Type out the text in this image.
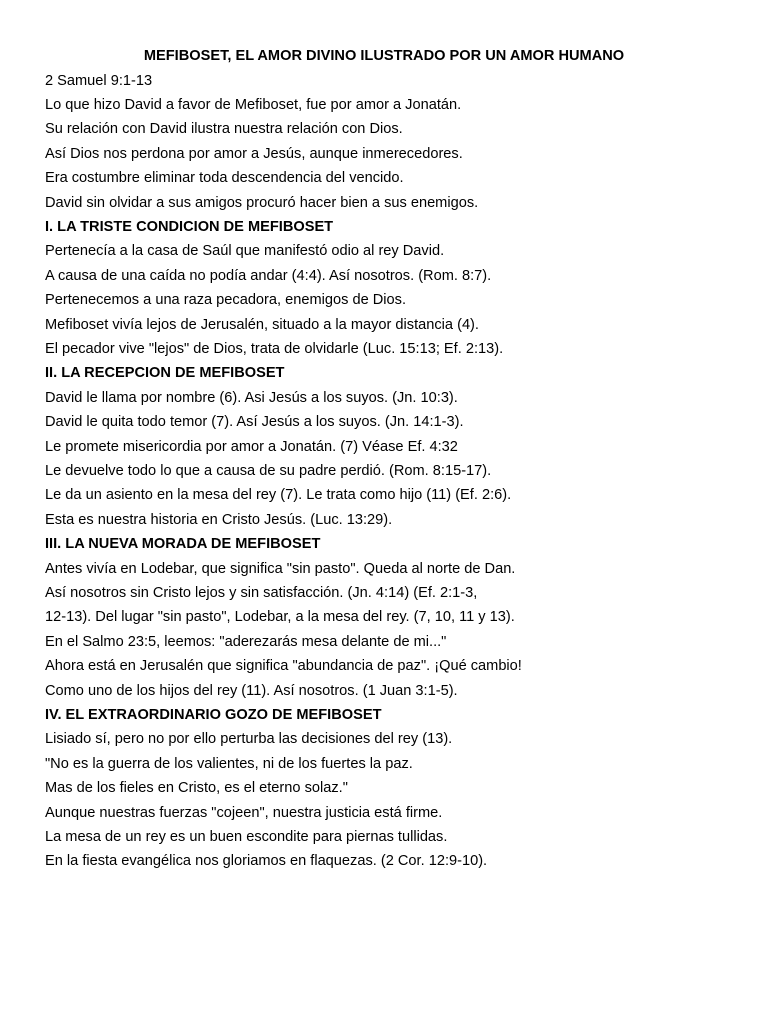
MEFIBOSET, EL AMOR DIVINO ILUSTRADO POR UN AMOR HUMANO
2 Samuel 9:1-13
Lo que hizo David a favor de Mefiboset, fue por amor a Jonatán.
Su relación con David ilustra nuestra relación con Dios.
Así Dios nos perdona por amor a Jesús, aunque inmerecedores.
Era costumbre eliminar toda descendencia del vencido.
David sin olvidar a sus amigos procuró hacer bien a sus enemigos.
I. LA TRISTE CONDICION DE MEFIBOSET
Pertenecía a la casa de Saúl que manifestó odio al rey David.
A causa de una caída no podía andar (4:4). Así nosotros. (Rom. 8:7).
Pertenecemos a una raza pecadora, enemigos de Dios.
Mefiboset vivía lejos de Jerusalén, situado a la mayor distancia (4).
El pecador vive "lejos" de Dios, trata de olvidarle (Luc. 15:13; Ef. 2:13).
II. LA RECEPCION DE MEFIBOSET
David le llama por nombre (6). Asi Jesús a los suyos. (Jn. 10:3).
David le quita todo temor (7). Así Jesús a los suyos. (Jn. 14:1-3).
Le promete misericordia por amor a Jonatán. (7) Véase Ef. 4:32
Le devuelve todo lo que a causa de su padre perdió. (Rom. 8:15-17).
Le da un asiento en la mesa del rey (7). Le trata como hijo (11) (Ef. 2:6).
Esta es nuestra historia en Cristo Jesús. (Luc. 13:29).
III. LA NUEVA MORADA DE MEFIBOSET
Antes vivía en Lodebar, que significa "sin pasto". Queda al norte de Dan.
Así nosotros sin Cristo lejos y sin satisfacción. (Jn. 4:14) (Ef. 2:1-3,
12-13). Del lugar "sin pasto", Lodebar, a la mesa del rey. (7, 10, 11 y 13).
En el Salmo 23:5, leemos: "aderezarás mesa delante de mi..."
Ahora está en Jerusalén que significa "abundancia de paz". ¡Qué cambio!
Como uno de los hijos del rey (11). Así nosotros. (1 Juan 3:1-5).
IV. EL EXTRAORDINARIO GOZO DE MEFIBOSET
Lisiado sí, pero no por ello perturba las decisiones del rey (13).
"No es la guerra de los valientes, ni de los fuertes la paz.
Mas de los fieles en Cristo, es el eterno solaz."
Aunque nuestras fuerzas "cojeen", nuestra justicia está firme.
La mesa de un rey es un buen escondite para piernas tullidas.
En la fiesta evangélica nos gloriamos en flaquezas. (2 Cor. 12:9-10).
